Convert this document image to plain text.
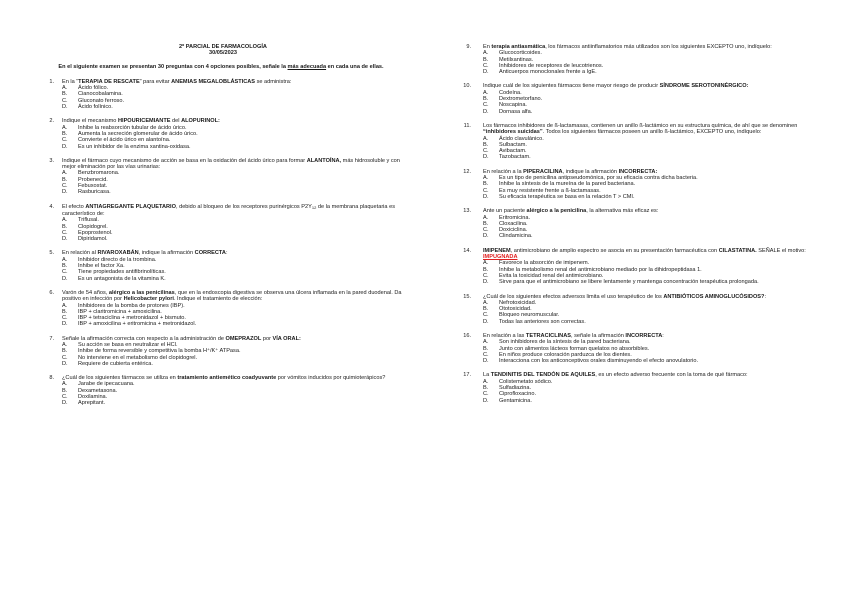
2º PARCIAL DE FARMACOLOGÍA
30/05/2023
En el siguiente examen se presentan 30 preguntas con 4 opciones posibles, señale la más adecuada en cada una de ellas.
1. En la “TERAPIA DE RESCATE” para evitar ANEMIAS MEGALOBLÁSTICAS se administra:
A. Ácido fólico.
B. Cianocobalamina.
C. Gluconato ferroso.
D. Ácido folínico.
2. Indique el mecanismo HIPOURICEMIANTE del ALOPURINOL:
A. Inhibe la reabsorción tubular de ácido úrico.
B. Aumenta la secreción glomerular de ácido úrico.
C. Convierte el ácido úrico en alantoína.
D. Es un inhibidor de la enzima xantina-oxidasa.
3. Indique el fármaco cuyo mecanismo de acción se basa en la oxidación del ácido úrico para formar ALANTOÍNA, más hidrosoluble y con mejor eliminación por las vías urinarias:
A. Benzbromarona.
B. Probenecid.
C. Febuxostat.
D. Rasburicasa.
4. El efecto ANTIAGREGANTE PLAQUETARIO, debido al bloqueo de los receptores purinérgicos $P2Y_{12}$ de la membrana plaquetaria es característico de:
A. Triflusal.
B. Clopidogrel.
C. Epoprostenol.
D. Dipiridamol.
5. En relación al RIVAROXABÁN, indique la afirmación CORRECTA:
A. Inhibidor directo de la trombina.
B. Inhibe el factor Xa.
C. Tiene propiedades antifibrinolíticas.
D. Es un antagonista de la vitamina K.
6. Varón de 54 años, alérgico a las penicilinas, que en la endoscopia digestiva se observa una úlcera inflamada en la pared duodenal. Da positivo en infección por Helicobacter pylori. Indique el tratamiento de elección:
A. Inhibidores de la bomba de protones (IBP).
B. IBP + claritromicina + amoxicilina.
C. IBP + tetraciclina + metronidazol + bismuto.
D. IBP + amoxicilina + eritromicina + metronidazol.
7. Señale la afirmación correcta con respecto a la administración de OMEPRAZOL por VÍA ORAL:
A. Su acción se basa en neutralizar el HCl.
B. Inhibe de forma reversible y competitiva la bomba H⁺/K⁺ ATPasa.
C. No interviene en el metabolismo del clopidogrel.
D. Requiere de cubierta entérica.
8. ¿Cuál de los siguientes fármacos se utiliza en tratamiento antiemético coadyuvante por vómitos inducidos por quimioterápicos?
A. Jarabe de ipecacuana.
B. Dexametasona.
C. Doxilamina.
D. Aprepitant.
9. En terapia antiasmática, los fármacos antiinflamatorios más utilizados son los siguientes EXCEPTO uno, indíquelo:
A. Glucocorticoides.
B. Metilxantinas.
C. Inhibidores de receptores de leucotrienos.
D. Anticuerpos monoclonales frente a IgE.
10. Indique cuál de los siguientes fármacos tiene mayor riesgo de producir SÍNDROME SEROTONINÉRGICO:
A. Codeína.
B. Dextrometorfano.
C. Noscapina.
D. Dornasa alfa.
11. Los fármacos inhibidores de ß-lactamasas, contienen un anillo ß-lactámico en su estructura química, de ahí que se denominen “inhibidores suicidas”. Todos los siguientes fármacos poseen un anillo ß-lactámico, EXCEPTO uno, indíquelo:
A. Ácido clavulánico.
B. Sulbactam.
C. Avibactam.
D. Tazobactam.
12. En relación a la PIPERACILINA, indique la afirmación INCORRECTA:
A. Es un tipo de penicilina antipseudomónica, por su eficacia contra dicha bacteria.
B. Inhibe la síntesis de la mureína de la pared bacteriana.
C. Es muy resistente frente a ß-lactamasas.
D. Su eficacia terapéutica se basa en la relación T > CMI.
13. Ante un paciente alérgico a la penicilina, la alternativa más eficaz es:
A. Eritromicina.
B. Cloxacilina.
C. Doxiciclina.
D. Clindamicina.
14. IMIPENEM, antimicrobiano de amplio espectro se asocia en su presentación farmacéutica con CILASTATINA. SEÑALE el motivo: IMPUGNADA
A. Favorece la absorción de imipenem.
B. Inhibe la metabolismo renal del antimicrobiano mediado por la dihidropeptidasa 1.
C. Evita la toxicidad renal del antimicrobiano.
D. Sirve para que el antimicrobiano se libere lentamente y mantenga concentración terapéutica prolongada.
15. ¿Cuál de los siguientes efectos adversos limita el uso terapéutico de los ANTIBIÓTICOS AMINOGLUCÓSIDOS?:
A. Nefrotoxicidad.
B. Ototoxicidad.
C. Bloqueo neuromuscular.
D. Todas las anteriores son correctas.
16. En relación a las TETRACICLINAS, señale la afirmación INCORRECTA:
A. Son inhibidores de la síntesis de la pared bacteriana.
B. Junto con alimentos lácteos forman quelatos no absorbibles.
C. En niños produce coloración parduzca de los dientes.
D. Interacciona con los anticonceptivos orales disminuyendo el efecto anovulatorio.
17. La TENDINITIS DEL TENDÓN DE AQUILES, es un efecto adverso frecuente con la toma de qué fármaco:
A. Colistemetato sódico.
B. Sulfadiazina.
C. Ciprofloxacino.
D. Gentamicina.
